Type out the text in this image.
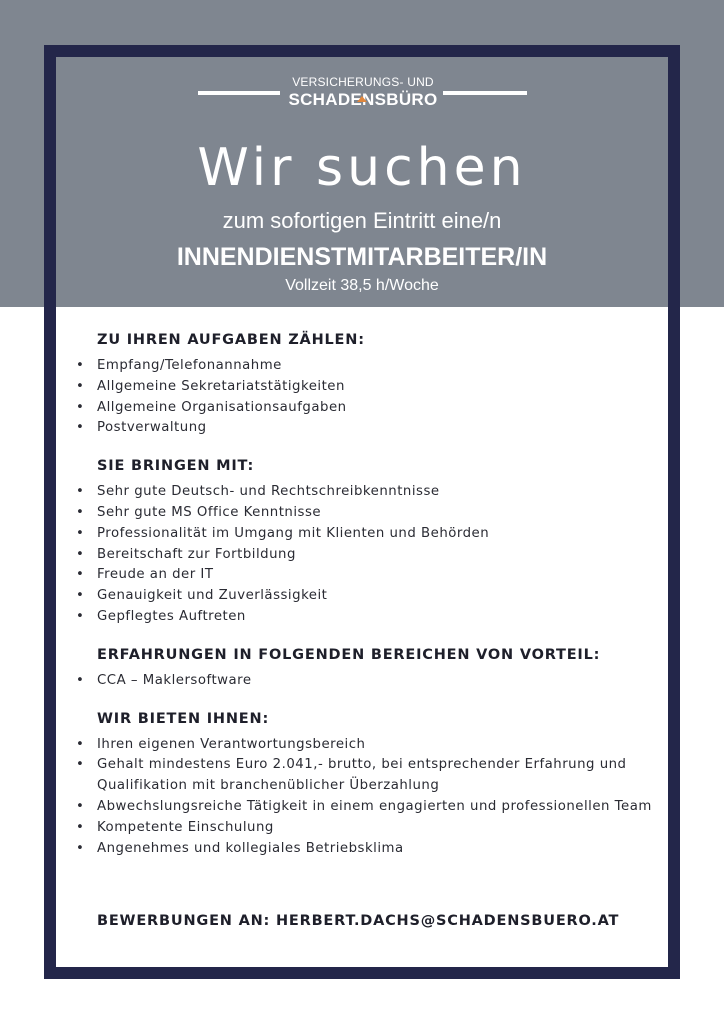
VERSICHERUNGS- UND
SCHADENSBÜRO
Wir suchen
zum sofortigen Eintritt eine/n
INNENDIENSTMITARBEITER/IN
Vollzeit 38,5 h/Woche
ZU IHREN AUFGABEN ZÄHLEN:
• Empfang/Telefonannahme
• Allgemeine Sekretariatstätigkeiten
• Allgemeine Organisationsaufgaben
• Postverwaltung
SIE BRINGEN MIT:
• Sehr gute Deutsch- und Rechtschreibkenntnisse
• Sehr gute MS Office Kenntnisse
• Professionalität im Umgang mit Klienten und Behörden
• Bereitschaft zur Fortbildung
• Freude an der IT
• Genauigkeit und Zuverlässigkeit
• Gepflegtes Auftreten
ERFAHRUNGEN IN FOLGENDEN BEREICHEN VON VORTEIL:
• CCA – Maklersoftware
WIR BIETEN IHNEN:
• Ihren eigenen Verantwortungsbereich
• Gehalt mindestens Euro 2.041,- brutto, bei entsprechender Erfahrung und Qualifikation mit branchenüblicher Überzahlung
• Abwechslungsreiche Tätigkeit in einem engagierten und professionellen Team
• Kompetente Einschulung
• Angenehmes und kollegiales Betriebsklima
BEWERBUNGEN AN: HERBERT.DACHS@SCHADENSBUERO.AT
